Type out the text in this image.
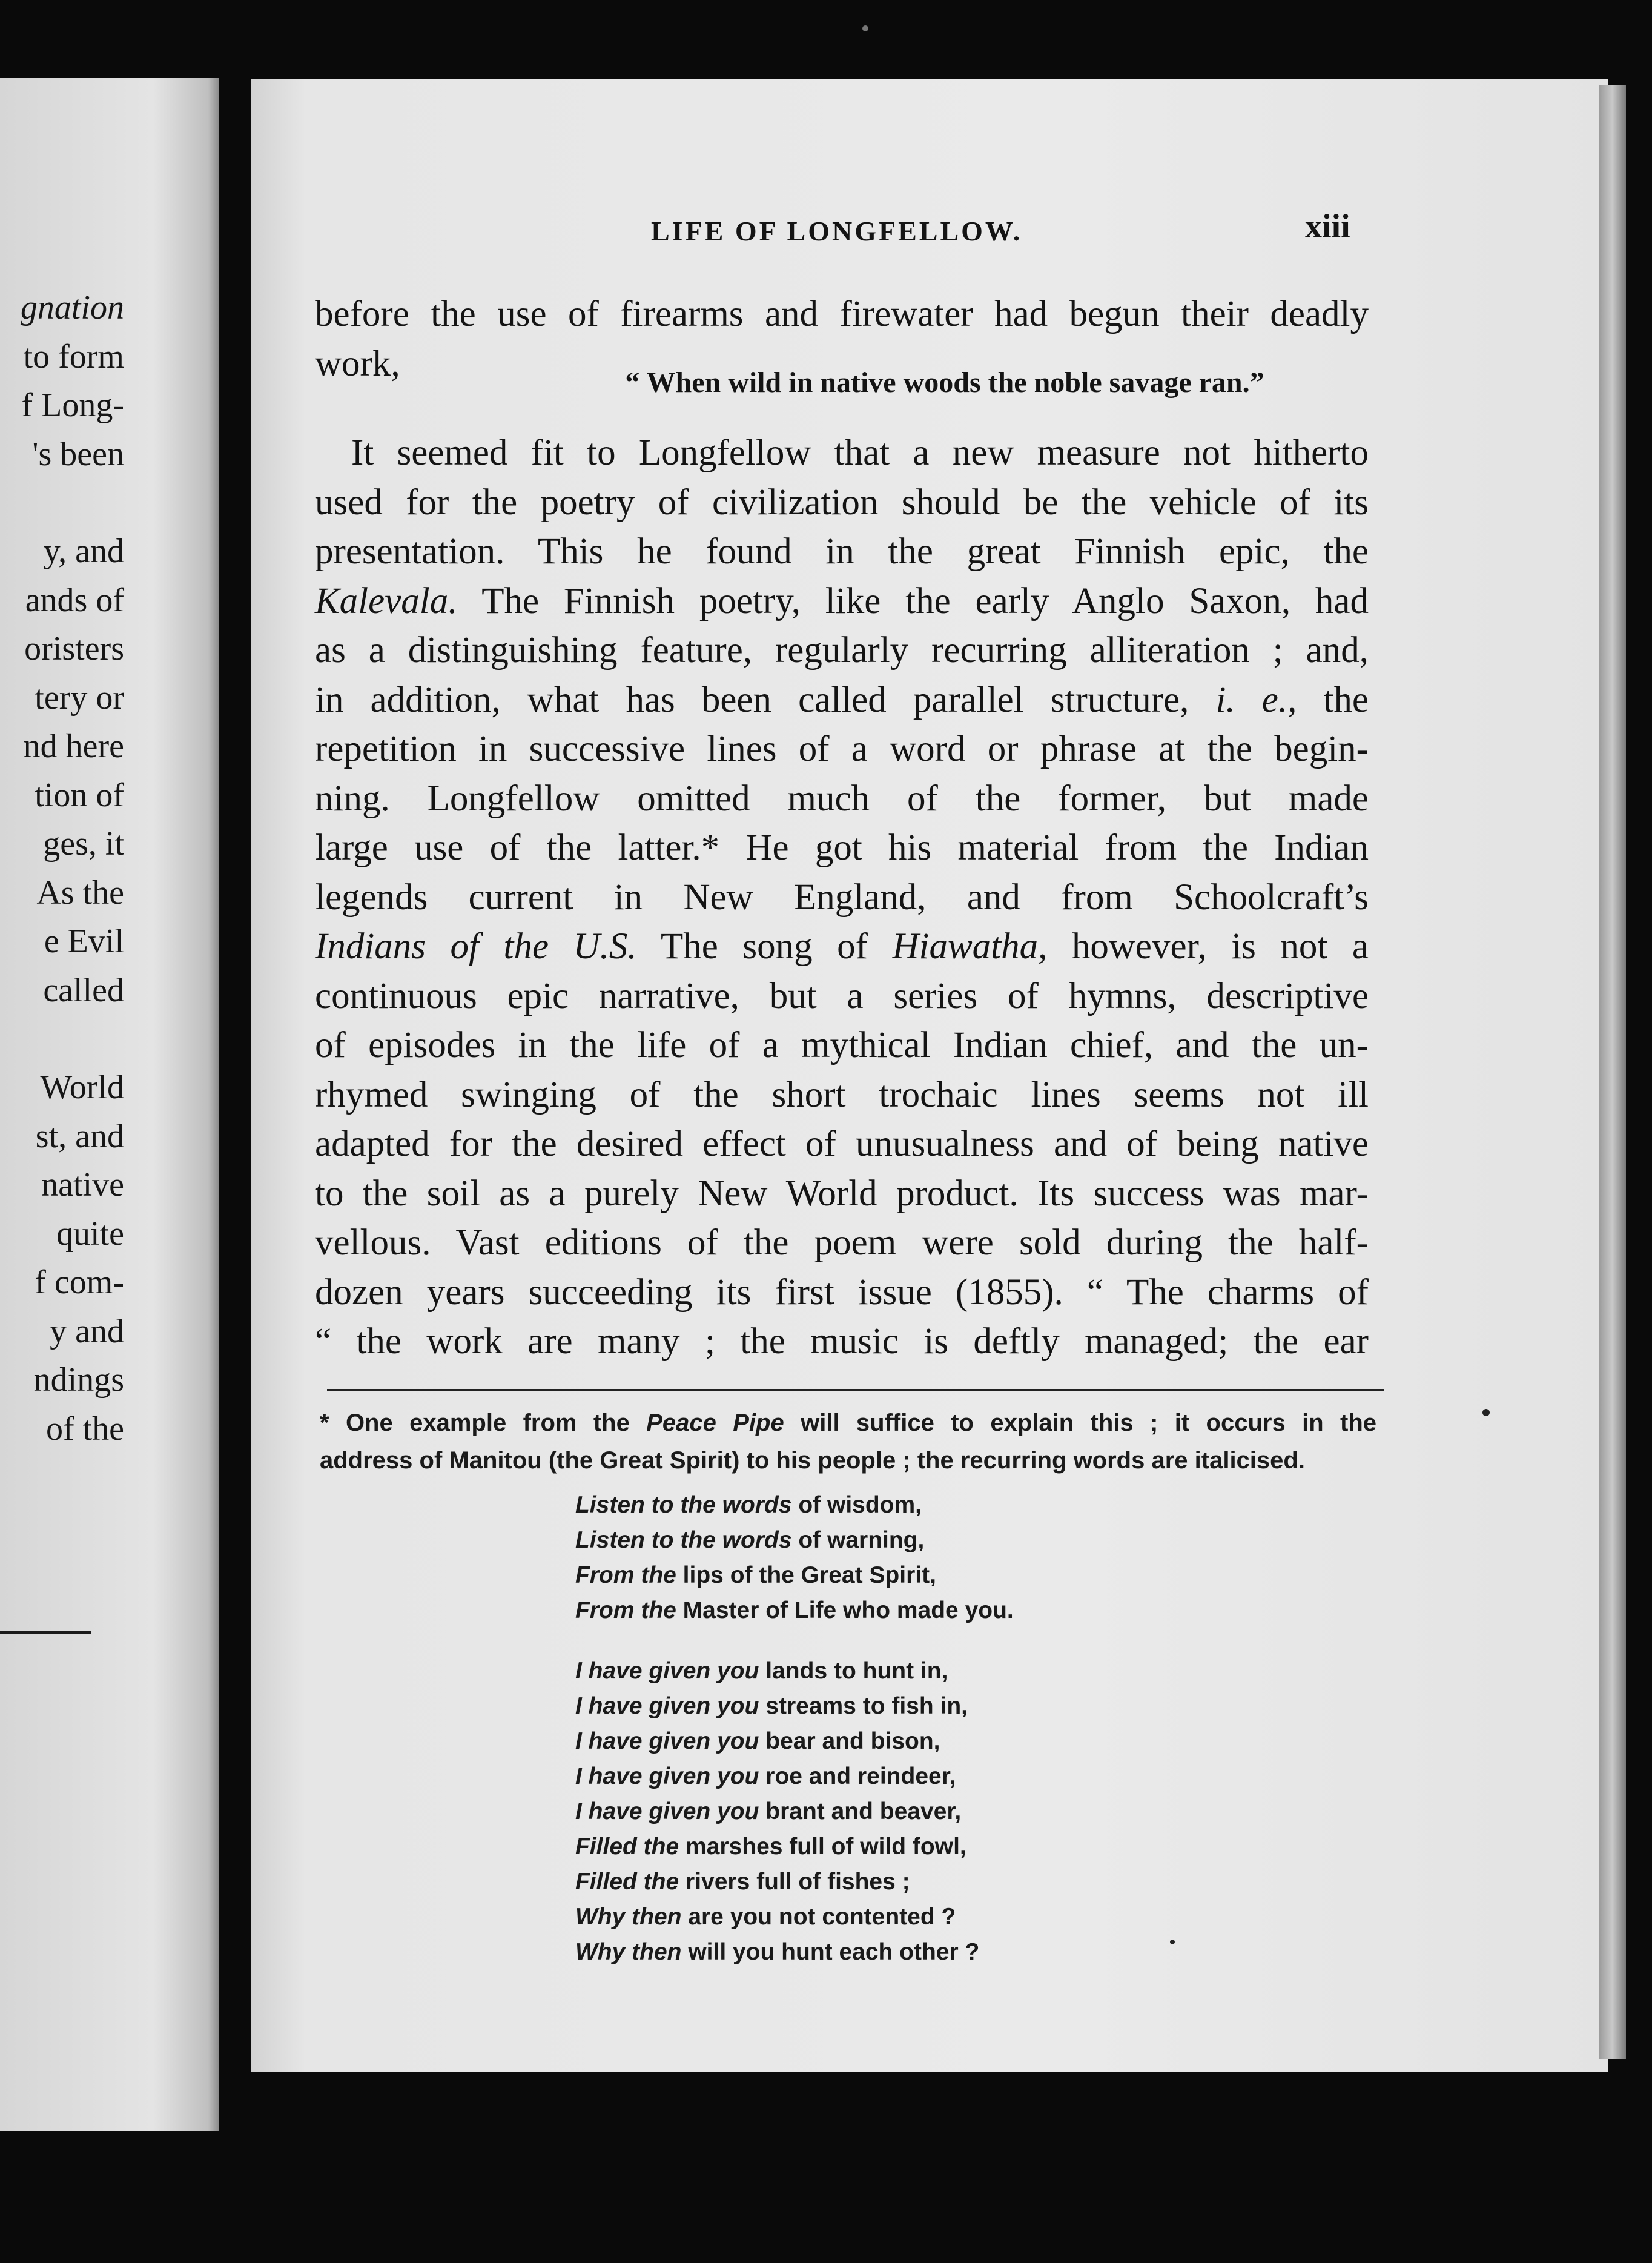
gnation
to form
f Long-
's been
y, and
ands of
oristers
tery or
nd here
tion of
ges, it
As the
e Evil
called
World
st, and
native
quite
f com-
y and
ndings
of the
LIFE OF LONGFELLOW.	xiii
before the use of firearms and firewater had begun their deadly
work,	“ When wild in native woods the noble savage ran.”
It seemed fit to Longfellow that a new measure not hitherto
used for the poetry of civilization should be the vehicle of its
presentation. This he found in the great Finnish epic, the
Kalevala. The Finnish poetry, like the early Anglo Saxon, had
as a distinguishing feature, regularly recurring alliteration ; and,
in addition, what has been called parallel structure, i. e., the
repetition in successive lines of a word or phrase at the begin-
ning. Longfellow omitted much of the former, but made
large use of the latter.* He got his material from the Indian
legends current in New England, and from Schoolcraft’s
Indians of the U.S. The song of Hiawatha, however, is not a
continuous epic narrative, but a series of hymns, descriptive
of episodes in the life of a mythical Indian chief, and the un-
rhymed swinging of the short trochaic lines seems not ill
adapted for the desired effect of unusualness and of being native
to the soil as a purely New World product. Its success was mar-
vellous. Vast editions of the poem were sold during the half-
dozen years succeeding its first issue (1855). “ The charms of
“ the work are many ; the music is deftly managed; the ear
* One example from the Peace Pipe will suffice to explain this ; it occurs in the
address of Manitou (the Great Spirit) to his people ; the recurring words are italicised.
Listen to the words of wisdom,
Listen to the words of warning,
From the lips of the Great Spirit,
From the Master of Life who made you.
I have given you lands to hunt in,
I have given you streams to fish in,
I have given you bear and bison,
I have given you roe and reindeer,
I have given you brant and beaver,
Filled the marshes full of wild fowl,
Filled the rivers full of fishes ;
Why then are you not contented ?
Why then will you hunt each other ?
